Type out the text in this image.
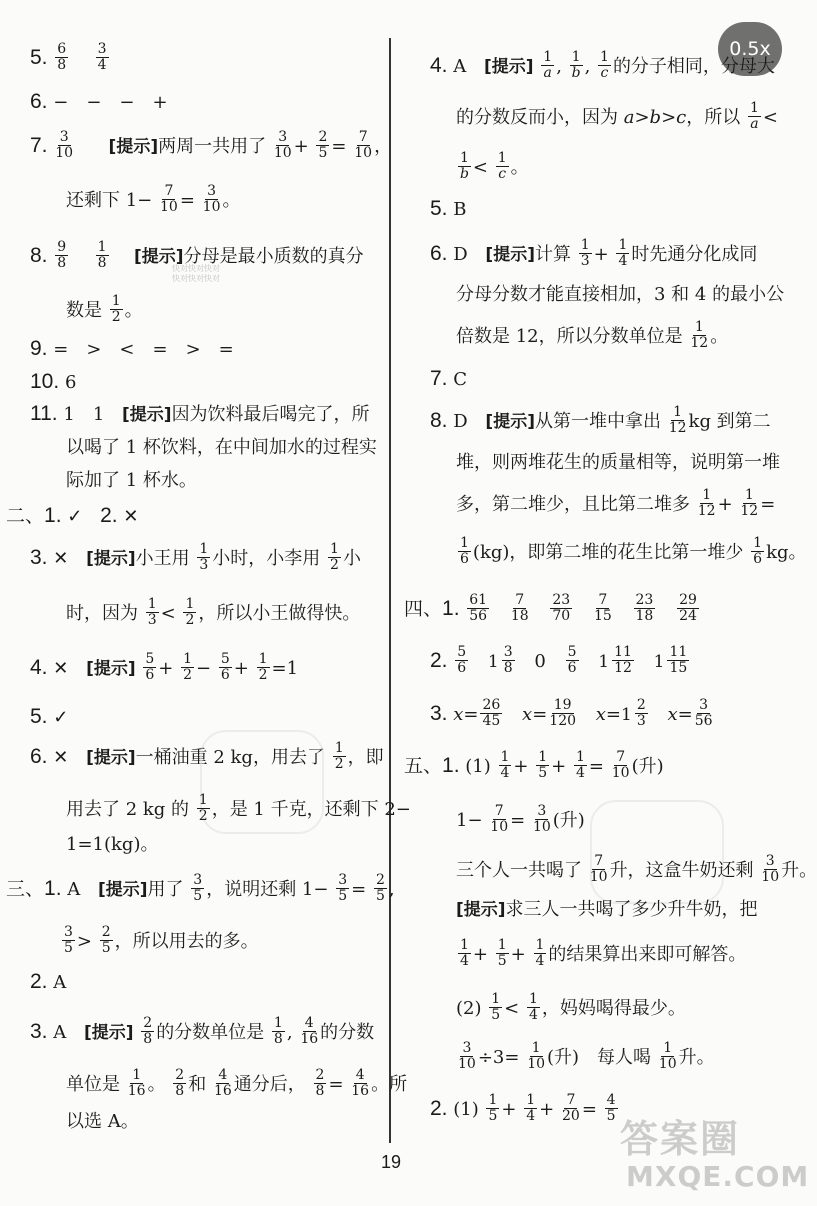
0.5x
5. $\frac{6}{8}$
$\frac{3}{4}$
6. −　−　−　+
7. $\frac{3}{10}$ [提示]两周一共用了 $\frac{3}{10} + \frac{2}{5} = \frac{7}{10}$ ，
还剩下 $1- \frac{7}{10} = \frac{3}{10}$ 。
8. $\frac{9}{8}$
$\frac{1}{8}$ [提示]分母是最小质数的真分
快对快对快对
快对快对快对
数是 $\frac{1}{2}$ 。
9. =　>　<　=　>　=
10. 6
11. 1　1 [提示]因为饮料最后喝完了，所
以喝了 1 杯饮料，在中间加水的过程实
际加了 1 杯水。
二、1. ✓ 2. ✕
3. ✕ [提示]小王用 $\frac{1}{3}$ 小时，小李用 $\frac{1}{2}$ 小
时，因为 $\frac{1}{3} < \frac{1}{2}$ ，所以小王做得快。
4. ✕ [提示] $\frac{5}{6} + \frac{1}{2} - \frac{5}{6} + \frac{1}{2} =1$
5. ✓
6. ✕ [提示]一桶油重 2 kg，用去了 $\frac{1}{2}$ ，即
用去了 2 kg 的 $\frac{1}{2}$ ，是 1 千克，还剩下 2−
1=1(kg)。
三、1. A [提示]用了 $\frac{3}{5}$ ，说明还剩 $1- \frac{3}{5} = \frac{2}{5}$ ,
$\frac{3}{5} > \frac{2}{5}$ ，所以用去的多。
2. A
3. A [提示] $\frac{2}{8}$ 的分数单位是 $\frac{1}{8}$ , $\frac{4}{16}$ 的分数
单位是 $\frac{1}{16}$ 。 $\frac{2}{8}$ 和 $\frac{4}{16}$ 通分后， $\frac{2}{8} = \frac{4}{16}$ 。所
以选 A。
4. A [提示] $\frac{1}{a}$ , $\frac{1}{b}$ , $\frac{1}{c}$ 的分子相同，分母大
的分数反而小，因为 a>b>c，所以 $\frac{1}{a}$ <
$\frac{1}{b} < \frac{1}{c}$ 。
5. B
6. D [提示]计算 $\frac{1}{3} + \frac{1}{4}$ 时先通分化成同
分母分数才能直接相加，3 和 4 的最小公
倍数是 12，所以分数单位是 $\frac{1}{12}$ 。
7. C
8. D [提示]从第一堆中拿出 $\frac{1}{12}$ kg 到第二
堆，则两堆花生的质量相等，说明第一堆
多，第二堆少，且比第二堆多 $\frac{1}{12} + \frac{1}{12}$ =
$\frac{1}{6} (kg)$，即第二堆的花生比第一堆少 $\frac{1}{6}$ kg。
四、1. $\frac{61}{56}$
$\frac{7}{18}$
$\frac{23}{70}$
$\frac{7}{15}$
$\frac{23}{18}$
$\frac{29}{24}$
2. $\frac{5}{6}$
1 3
8 $0 \frac{5}{6}$
1 11
12
1 11
15
3. $x= \frac{26}{45} x= \frac{19}{120} x= 1$ 2
3 $x= \frac{3}{56}$
五、1. $(1) \frac{1}{4} + \frac{1}{5} + \frac{1}{4} = \frac{7}{10}$ (升)
$1- \frac{7}{10} = \frac{3}{10}$ (升)
三个人一共喝了 $\frac{7}{10}$ 升，这盒牛奶还剩 $\frac{3}{10}$ 升。
[提示]求三人一共喝了多少升牛奶，把
$\frac{1}{4} + \frac{1}{5} + \frac{1}{4}$ 的结果算出来即可解答。
$(2) \frac{1}{5} < \frac{1}{4}$ ，妈妈喝得最少。
$\frac{3}{10} \div 3= \frac{1}{10}$ (升)　每人喝 $\frac{1}{10}$ 升。
2. $(1) \frac{1}{5} + \frac{1}{4} + \frac{7}{20} = \frac{4}{5}$
19
答案圈
MXQE.COM
